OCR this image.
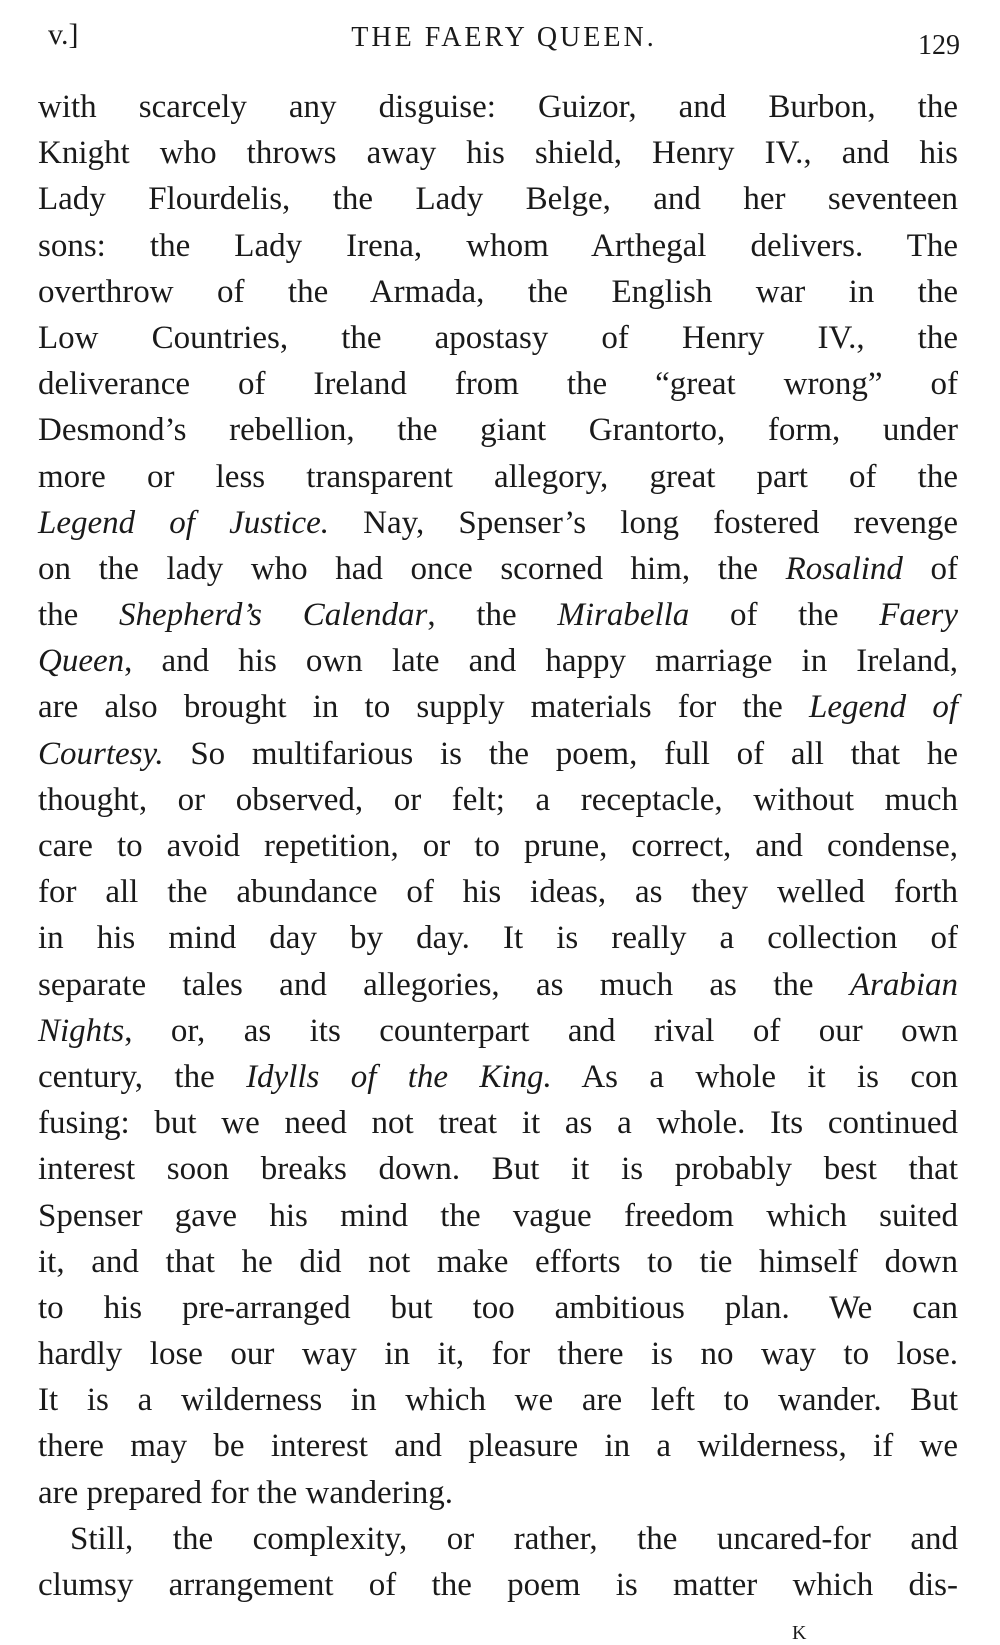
v.]	THE FAERY QUEEN.	129
with scarcely any disguise: Guizor, and Burbon, the
Knight who throws away his shield, Henry IV., and his
Lady Flourdelis, the Lady Belge, and her seventeen
sons: the Lady Irena, whom Arthegal delivers. The
overthrow of the Armada, the English war in the
Low Countries, the apostasy of Henry IV., the
deliverance of Ireland from the “great wrong” of
Desmond’s rebellion, the giant Grantorto, form, under
more or less transparent allegory, great part of the
Legend of Justice. Nay, Spenser’s long fostered revenge
on the lady who had once scorned him, the Rosalind of
the Shepherd’s Calendar, the Mirabella of the Faery
Queen, and his own late and happy marriage in Ireland,
are also brought in to supply materials for the Legend of
Courtesy. So multifarious is the poem, full of all that he
thought, or observed, or felt; a receptacle, without much
care to avoid repetition, or to prune, correct, and condense,
for all the abundance of his ideas, as they welled forth
in his mind day by day. It is really a collection of
separate tales and allegories, as much as the Arabian
Nights, or, as its counterpart and rival of our own
century, the Idylls of the King. As a whole it is con
fusing: but we need not treat it as a whole. Its continued
interest soon breaks down. But it is probably best that
Spenser gave his mind the vague freedom which suited
it, and that he did not make efforts to tie himself down
to his pre-arranged but too ambitious plan. We can
hardly lose our way in it, for there is no way to lose.
It is a wilderness in which we are left to wander. But
there may be interest and pleasure in a wilderness, if we
are prepared for the wandering.
Still, the complexity, or rather, the uncared-for and
clumsy arrangement of the poem is matter which dis-
K
